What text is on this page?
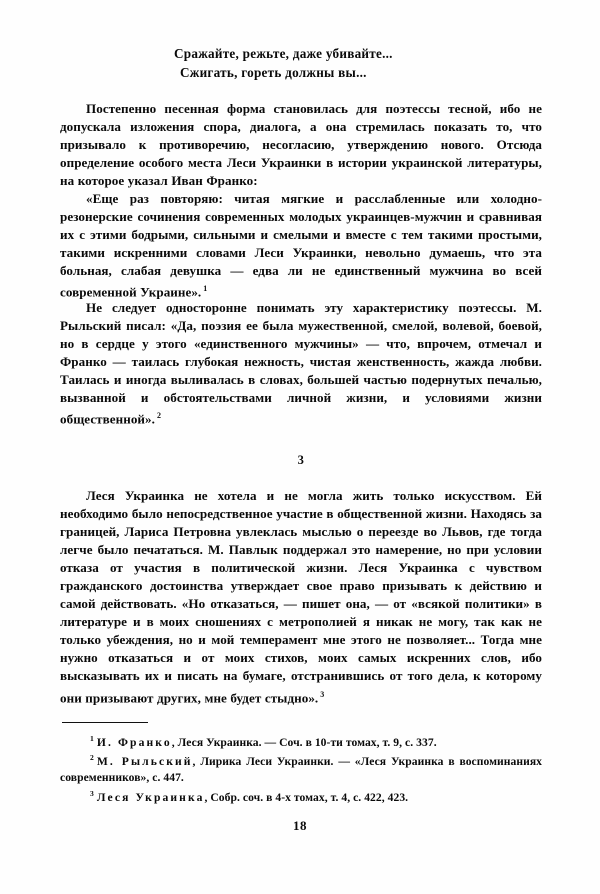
Сражайте, режьте, даже убивайте...
Сжигать, гореть должны вы...

Постепенно песенная форма становилась для поэтессы тесной, ибо не допускала изложения спора, диалога, а она стремилась показать то, что призывало к противоречию, несогласию, утверждению нового. Отсюда определение особого места Леси Украинки в истории украинской литературы, на которое указал Иван Франко:

«Еще раз повторяю: читая мягкие и расслабленные или холодно-резонерские сочинения современных молодых украинцев-мужчин и сравнивая их с этими бодрыми, сильными и смелыми и вместе с тем такими простыми, такими искренними словами Леси Украинки, невольно думаешь, что эта больная, слабая девушка — едва ли не единственный мужчина во всей современной Украине». $^1$

Не следует односторонне понимать эту характеристику поэтессы. М. Рыльский писал: «Да, поэзия ее была мужественной, смелой, волевой, боевой, но в сердце у этого «единственного мужчины» — что, впрочем, отмечал и Франко — таилась глубокая нежность, чистая женственность, жажда любви. Таилась и иногда выливалась в словах, большей частью подернутых печалью, вызванной и обстоятельствами личной жизни, и условиями жизни общественной». $^2$

3

Леся Украинка не хотела и не могла жить только искусством. Ей необходимо было непосредственное участие в общественной жизни. Находясь за границей, Лариса Петровна увлеклась мыслью о переезде во Львов, где тогда легче было печататься. М. Павлык поддержал это намерение, но при условии отказа от участия в политической жизни. Леся Украинка с чувством гражданского достоинства утверждает свое право призывать к действию и самой действовать. «Но отказаться, — пишет она, — от «всякой политики» в литературе и в моих сношениях с метрополией я никак не могу, так как не только убеждения, но и мой темперамент мне этого не позволяет... Тогда мне нужно отказаться и от моих стихов, моих самых искренних слов, ибо высказывать их и писать на бумаге, отстранившись от того дела, к которому они призывают других, мне будет стыдно». $^3$

$^1$ И. Франко, Леся Украинка. — Соч. в 10-ти томах, т. 9, с. 337.

$^2$ М. Рыльский, Лирика Леси Украинки. — «Леся Украинка в воспоминаниях современников», с. 447.

$^3$ Леся Украинка, Собр. соч. в 4-х томах, т. 4, с. 422, 423.

18
